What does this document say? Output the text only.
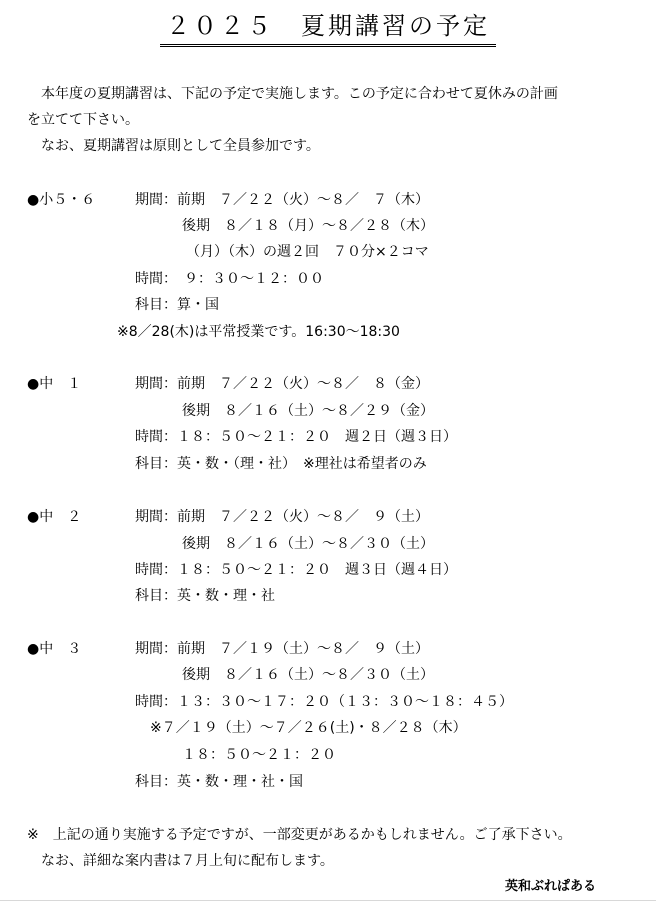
２０２５　夏期講習の予定
　本年度の夏期講習は、下記の予定で実施します。この予定に合わせて夏休みの計画
を立てて下さい。
　なお、夏期講習は原則として全員参加です。
●小５・６	期間：前期　７／２２（火）～８／　７（木）
後期　８／１８（月）～８／２８（木）
（月）（木）の週２回　７０分×２コマ
時間：　９：３０～１２：００
科目：算・国
※8／28(木)は平常授業です。16:30～18:30
●中　１	期間：前期　７／２２（火）～８／　８（金）
後期　８／１６（土）～８／２９（金）
時間：１８：５０～２１：２０　週２日（週３日）
科目：英・数・（理・社）　※理社は希望者のみ
●中　２	期間：前期　７／２２（火）～８／　９（土）
後期　８／１６（土）～８／３０（土）
時間：１８：５０～２１：２０　週３日（週４日）
科目：英・数・理・社
●中　３	期間：前期　７／１９（土）～８／　９（土）
後期　８／１６（土）～８／３０（土）
時間：１３：３０～１７：２０（１３：３０～１８：４５）
※７／１９（土）～７／２６(土)・８／２８（木）
１８：５０～２１：２０
科目：英・数・理・社・国
※　上記の通り実施する予定ですが、一部変更があるかもしれません。ご了承下さい。
　なお、詳細な案内書は７月上旬に配布します。
英和ぶれぱある
